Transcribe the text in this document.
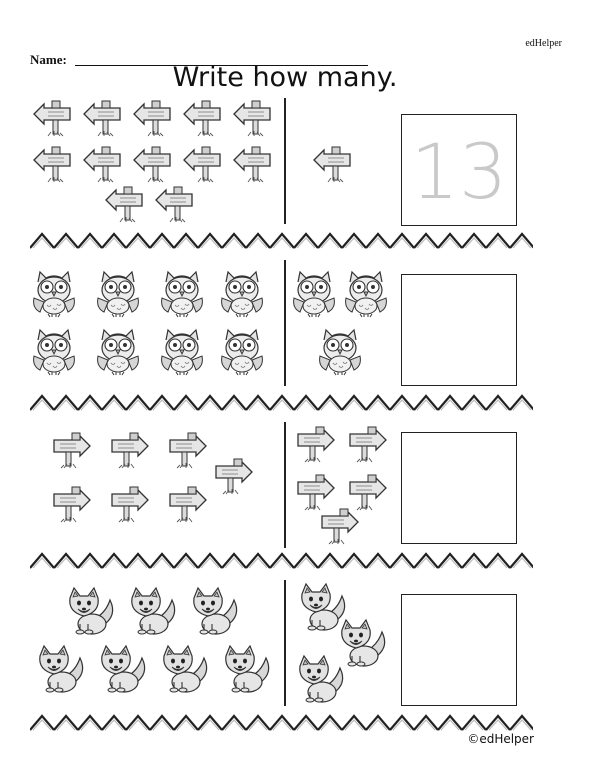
edHelper
Name:
Write how many.
13
©edHelper
